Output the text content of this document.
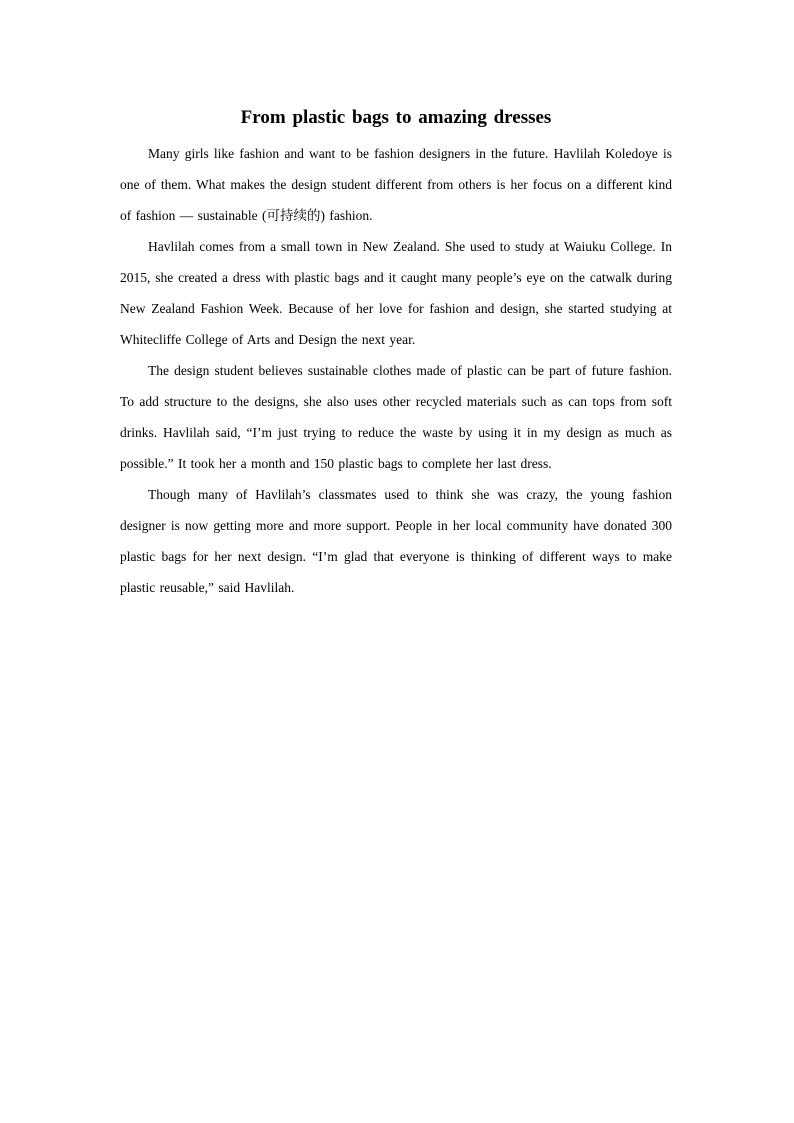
From plastic bags to amazing dresses

Many girls like fashion and want to be fashion designers in the future. Havlilah Koledoye is one of them. What makes the design student different from others is her focus on a different kind of fashion — sustainable (可持续的) fashion.

Havlilah comes from a small town in New Zealand. She used to study at Waiuku College. In 2015, she created a dress with plastic bags and it caught many people’s eye on the catwalk during New Zealand Fashion Week. Because of her love for fashion and design, she started studying at Whitecliffe College of Arts and Design the next year.

The design student believes sustainable clothes made of plastic can be part of future fashion. To add structure to the designs, she also uses other recycled materials such as can tops from soft drinks. Havlilah said, “I’m just trying to reduce the waste by using it in my design as much as possible.” It took her a month and 150 plastic bags to complete her last dress.

Though many of Havlilah’s classmates used to think she was crazy, the young fashion designer is now getting more and more support. People in her local community have donated 300 plastic bags for her next design. “I’m glad that everyone is thinking of different ways to make plastic reusable,” said Havlilah.
